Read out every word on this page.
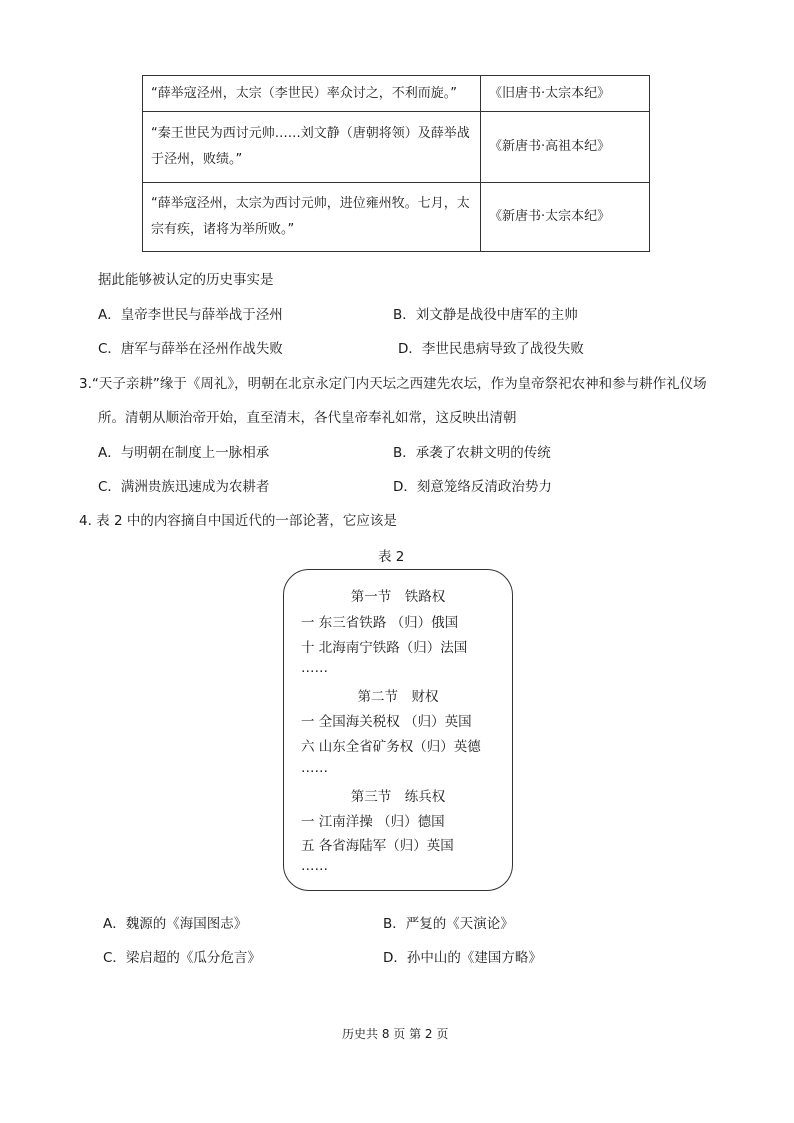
“薛举寇泾州，太宗（李世民）率众讨之，不利而旋。”	《旧唐书·太宗本纪》
“秦王世民为西讨元帅……刘文静（唐朝将领）及薛举战于泾州，败绩。”	《新唐书·高祖本纪》
“薛举寇泾州，太宗为西讨元帅，进位雍州牧。七月，太宗有疾，诸将为举所败。”	《新唐书·太宗本纪》
据此能够被认定的历史事实是
A．皇帝李世民与薛举战于泾州	B．刘文静是战役中唐军的主帅
C．唐军与薛举在泾州作战失败	D．李世民患病导致了战役失败
3.“天子亲耕”缘于《周礼》，明朝在北京永定门内天坛之西建先农坛，作为皇帝祭祀农神和参与耕作礼仪场
所。清朝从顺治帝开始，直至清末，各代皇帝奉礼如常，这反映出清朝
A．与明朝在制度上一脉相承	B．承袭了农耕文明的传统
C．满洲贵族迅速成为农耕者	D．刻意笼络反清政治势力
4. 表 2 中的内容摘自中国近代的一部论著，它应该是
表 2
第一节　铁路权
一 东三省铁路 （归）俄国
十 北海南宁铁路（归）法国
……
第二节　财权
一 全国海关税权 （归）英国
六 山东全省矿务权（归）英德
……
第三节　练兵权
一 江南洋操 （归）德国
五 各省海陆军（归）英国
……
A．魏源的《海国图志》	B．严复的《天演论》
C．梁启超的《瓜分危言》	D．孙中山的《建国方略》
历史共 8 页 第 2 页
